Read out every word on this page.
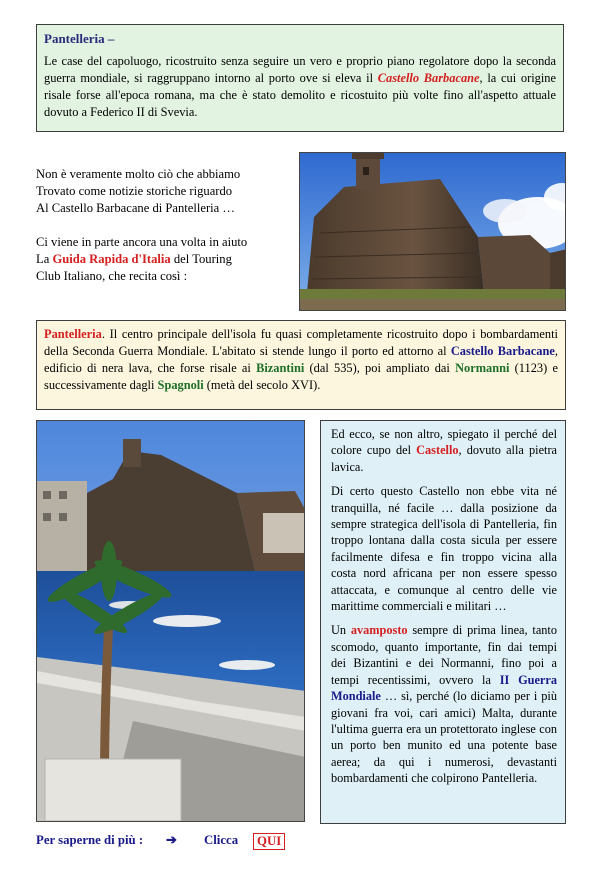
Pantelleria –

Le case del capoluogo, ricostruito senza seguire un vero e proprio piano regolatore dopo la seconda guerra mondiale, si raggruppano intorno al porto ove si eleva il Castello Barbacane, la cui origine risale forse all'epoca romana, ma che è stato demolito e ricostuito più volte fino all'aspetto attuale dovuto a Federico II di Svevia.

Non è veramente molto ciò che abbiamo
Trovato come notizie storiche riguardo
Al Castello Barbacane di Pantelleria …

Ci viene in parte ancora una volta in aiuto
La Guida Rapida d'Italia del Touring
Club Italiano, che recita così :

Pantelleria. Il centro principale dell'isola fu quasi completamente ricostruito dopo i bombardamenti della Seconda Guerra Mondiale. L'abitato si stende lungo il porto ed attorno al Castello Barbacane, edificio di nera lava, che forse risale ai Bizantini (dal 535), poi ampliato dai Normanni (1123) e successivamente dagli Spagnoli (metà del secolo XVI).

Ed ecco, se non altro, spiegato il perché del colore cupo del Castello, dovuto alla pietra lavica.

Di certo questo Castello non ebbe vita né tranquilla, né facile … dalla posizione da sempre strategica dell'isola di Pantelleria, fin troppo lontana dalla costa sicula per essere facilmente difesa e fin troppo vicina alla costa nord africana per non essere spesso attaccata, e comunque al centro delle vie marittime commerciali e militari …

Un avamposto sempre di prima linea, tanto scomodo, quanto importante, fin dai tempi dei Bizantini e dei Normanni, fino poi a tempi recentissimi, ovvero la II Guerra Mondiale … sì, perché (lo diciamo per i più giovani fra voi, cari amici) Malta, durante l'ultima guerra era un protettorato inglese con un porto ben munito ed una potente base aerea; da qui i numerosi, devastanti bombardamenti che colpirono Pantelleria.

Per saperne di più : ➔ Clicca	QUI
